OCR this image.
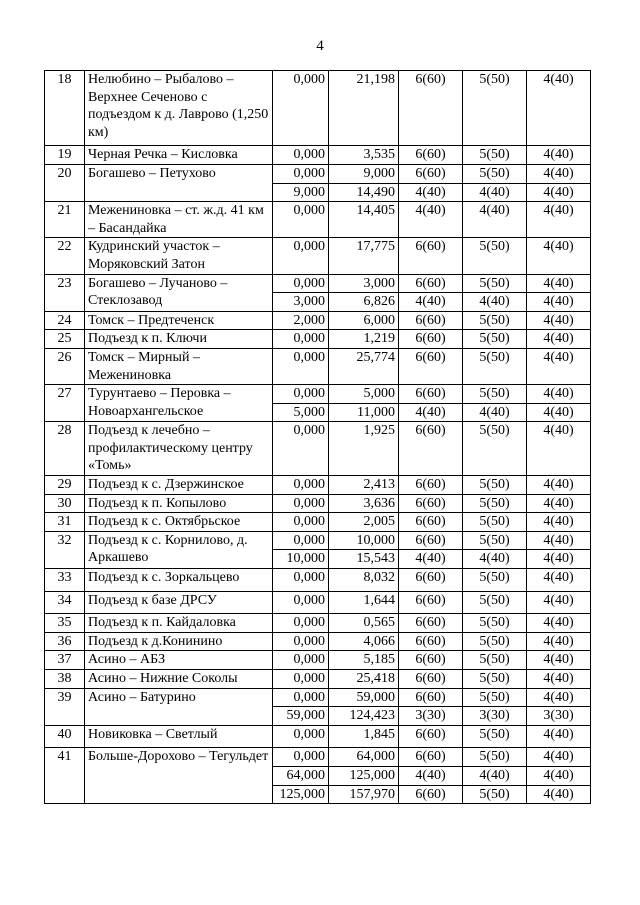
4
18	Нелюбино – Рыбалово – Верхнее Сеченово с подъездом к д. Лаврово (1,250 км)	0,000	21,198	6(60)	5(50)	4(40)
19	Черная Речка – Кисловка	0,000	3,535	6(60)	5(50)	4(40)
20	Богашево – Петухово	0,000	9,000	6(60)	5(50)	4(40)
		9,000	14,490	4(40)	4(40)	4(40)
21	Межениновка – ст. ж.д. 41 км – Басандайка	0,000	14,405	4(40)	4(40)	4(40)
22	Кудринский участок – Моряковский Затон	0,000	17,775	6(60)	5(50)	4(40)
23	Богашево – Лучаново – Стеклозавод	0,000	3,000	6(60)	5(50)	4(40)
		3,000	6,826	4(40)	4(40)	4(40)
24	Томск – Предтеченск	2,000	6,000	6(60)	5(50)	4(40)
25	Подъезд к п. Ключи	0,000	1,219	6(60)	5(50)	4(40)
26	Томск – Мирный – Межениновка	0,000	25,774	6(60)	5(50)	4(40)
27	Турунтаево – Перовка – Новоархангельское	0,000	5,000	6(60)	5(50)	4(40)
		5,000	11,000	4(40)	4(40)	4(40)
28	Подъезд к лечебно – профилактическому центру «Томь»	0,000	1,925	6(60)	5(50)	4(40)
29	Подъезд к с. Дзержинское	0,000	2,413	6(60)	5(50)	4(40)
30	Подъезд к п. Копылово	0,000	3,636	6(60)	5(50)	4(40)
31	Подъезд к с. Октябрьское	0,000	2,005	6(60)	5(50)	4(40)
32	Подъезд к с. Корнилово, д. Аркашево	0,000	10,000	6(60)	5(50)	4(40)
		10,000	15,543	4(40)	4(40)	4(40)
33	Подъезд к с. Зоркальцево	0,000	8,032	6(60)	5(50)	4(40)
34	Подъезд к базе ДРСУ	0,000	1,644	6(60)	5(50)	4(40)
35	Подъезд к п. Кайдаловка	0,000	0,565	6(60)	5(50)	4(40)
36	Подъезд к д.Конинино	0,000	4,066	6(60)	5(50)	4(40)
37	Асино – АБЗ	0,000	5,185	6(60)	5(50)	4(40)
38	Асино – Нижние Соколы	0,000	25,418	6(60)	5(50)	4(40)
39	Асино – Батурино	0,000	59,000	6(60)	5(50)	4(40)
		59,000	124,423	3(30)	3(30)	3(30)
40	Новиковка – Светлый	0,000	1,845	6(60)	5(50)	4(40)
41	Больше-Дорохово – Тегульдет	0,000	64,000	6(60)	5(50)	4(40)
		64,000	125,000	4(40)	4(40)	4(40)
		125,000	157,970	6(60)	5(50)	4(40)
